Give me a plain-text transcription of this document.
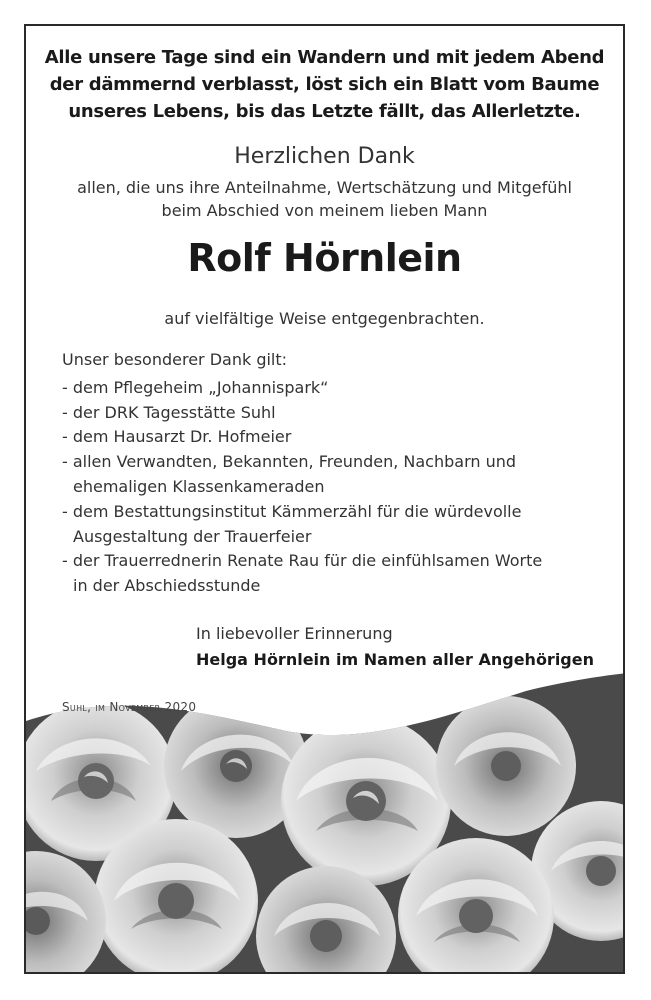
Alle unsere Tage sind ein Wandern und mit jedem Abend
der dämmernd verblasst, löst sich ein Blatt vom Baume
unseres Lebens, bis das Letzte fällt, das Allerletzte.
Herzlichen Dank
allen, die uns ihre Anteilnahme, Wertschätzung und Mitgefühl
beim Abschied von meinem lieben Mann
Rolf Hörnlein
auf vielfältige Weise entgegenbrachten.
Unser besonderer Dank gilt:
- dem Pflegeheim „Johannispark“
- der DRK Tagesstätte Suhl
- dem Hausarzt Dr. Hofmeier
- allen Verwandten, Bekannten, Freunden, Nachbarn und
ehemaligen Klassenkameraden
- dem Bestattungsinstitut Kämmerzähl für die würdevolle
Ausgestaltung der Trauerfeier
- der Trauerrednerin Renate Rau für die einfühlsamen Worte
in der Abschiedsstunde
In liebevoller Erinnerung
Helga Hörnlein im Namen aller Angehörigen
Suhl, im November 2020
